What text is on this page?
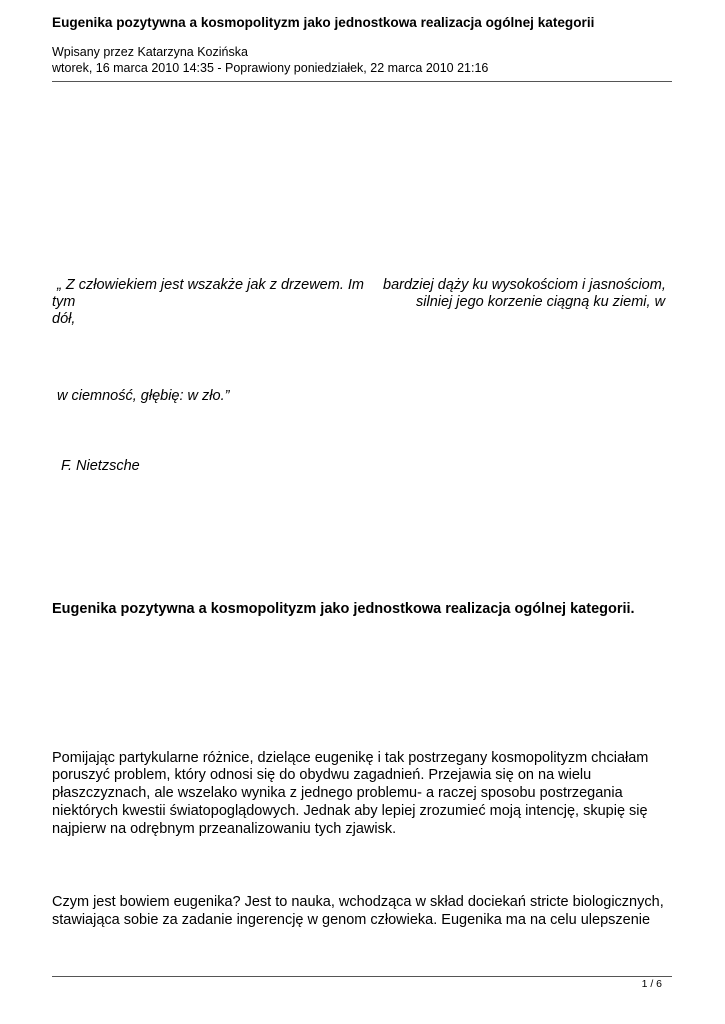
Eugenika pozytywna a kosmopolityzm jako jednostkowa realizacja ogólnej kategorii
Wpisany przez Katarzyna Kozińska
wtorek, 16 marca 2010 14:35 - Poprawiony poniedziałek, 22 marca 2010 21:16
„ Z człowiekiem jest wszakże jak z drzewem. Im
tym
dół,
bardziej dąży ku wysokościom i jasnościom,
silniej jego korzenie ciągną ku ziemi, w
w ciemność, głębię: w zło.”
F. Nietzsche
Eugenika pozytywna a kosmopolityzm jako jednostkowa realizacja ogólnej kategorii.
Pomijając partykularne różnice, dzielące eugenikę i tak postrzegany kosmopolityzm chciałam
poruszyć problem, który odnosi się do obydwu zagadnień. Przejawia się on na wielu
płaszczyznach, ale wszelako wynika z jednego problemu- a raczej sposobu postrzegania
niektórych kwestii światopoglądowych. Jednak aby lepiej zrozumieć moją intencję, skupię się
najpierw na odrębnym przeanalizowaniu tych zjawisk.
Czym jest bowiem eugenika? Jest to nauka, wchodząca w skład dociekań stricte biologicznych,
stawiająca sobie za zadanie ingerencję w genom człowieka. Eugenika ma na celu ulepszenie
1 / 6
